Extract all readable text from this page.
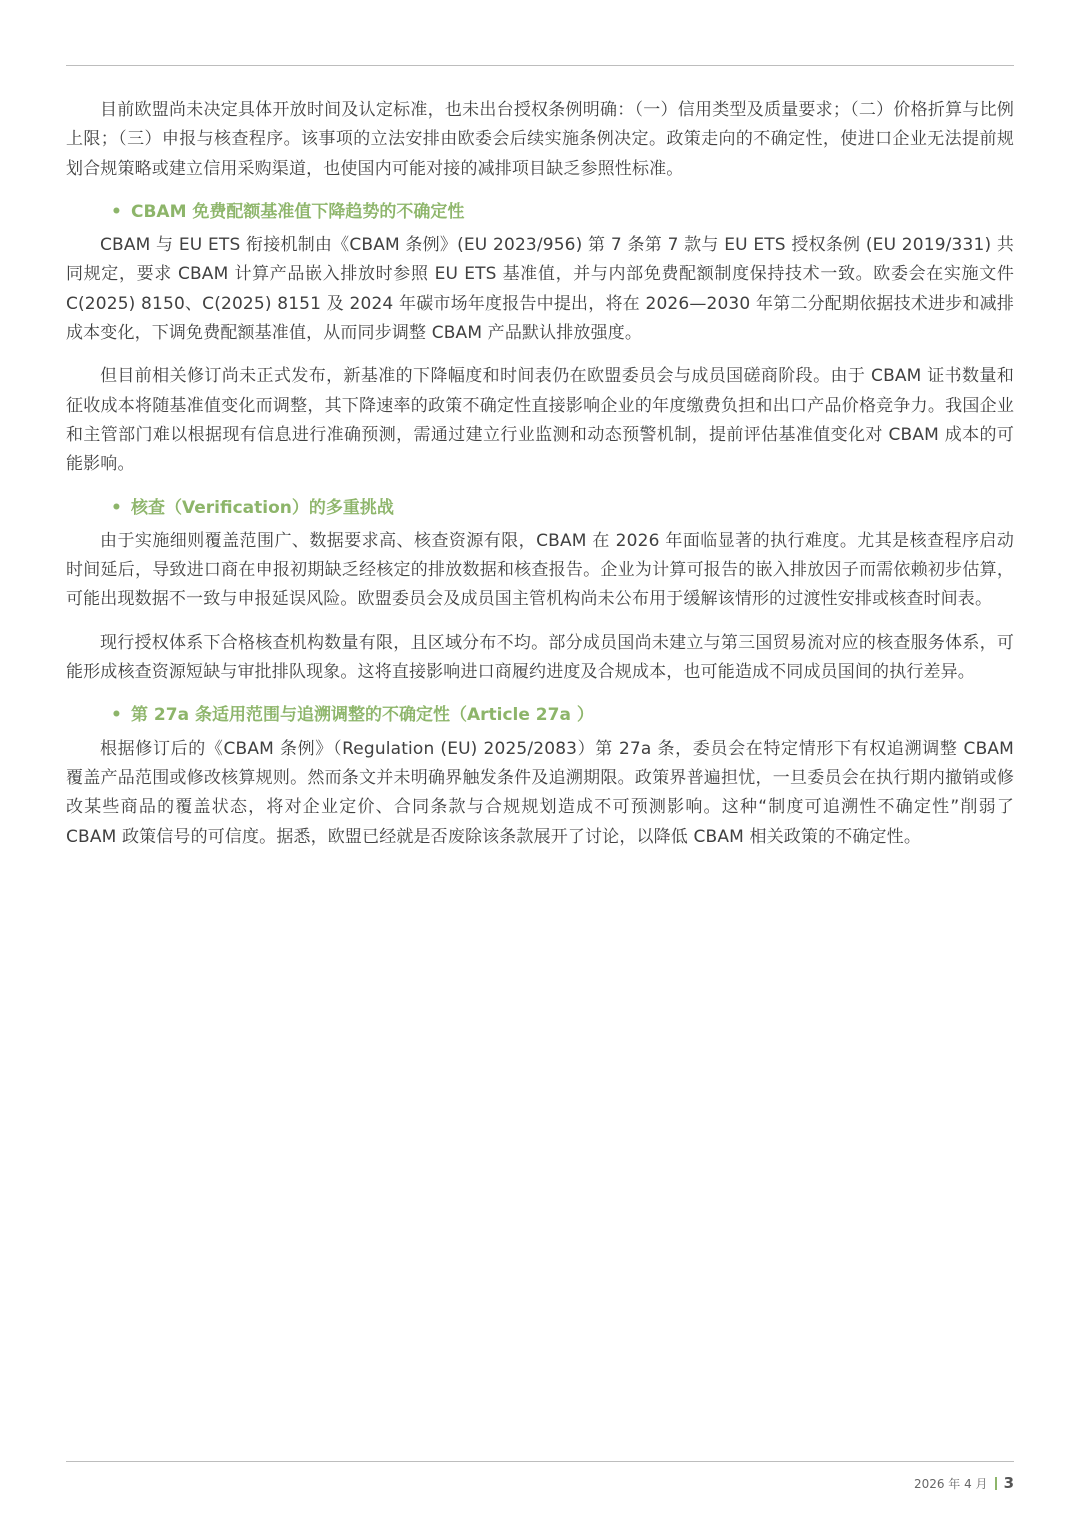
目前欧盟尚未决定具体开放时间及认定标准，也未出台授权条例明确：（一）信用类型及质量要求；（二）价格折算与比例上限；（三）申报与核查程序。该事项的立法安排由欧委会后续实施条例决定。政策走向的不确定性，使进口企业无法提前规划合规策略或建立信用采购渠道，也使国内可能对接的减排项目缺乏参照性标准。

• CBAM 免费配额基准值下降趋势的不确定性

CBAM 与 EU ETS 衔接机制由《CBAM 条例》(EU 2023/956) 第 7 条第 7 款与 EU ETS 授权条例 (EU 2019/331) 共同规定，要求 CBAM 计算产品嵌入排放时参照 EU ETS 基准值，并与内部免费配额制度保持技术一致。欧委会在实施文件 C(2025) 8150、C(2025) 8151 及 2024 年碳市场年度报告中提出，将在 2026—2030 年第二分配期依据技术进步和减排成本变化，下调免费配额基准值，从而同步调整 CBAM 产品默认排放强度。

但目前相关修订尚未正式发布，新基准的下降幅度和时间表仍在欧盟委员会与成员国磋商阶段。由于 CBAM 证书数量和征收成本将随基准值变化而调整，其下降速率的政策不确定性直接影响企业的年度缴费负担和出口产品价格竞争力。我国企业和主管部门难以根据现有信息进行准确预测，需通过建立行业监测和动态预警机制，提前评估基准值变化对 CBAM 成本的可能影响。

• 核查（Verification）的多重挑战

由于实施细则覆盖范围广、数据要求高、核查资源有限，CBAM 在 2026 年面临显著的执行难度。尤其是核查程序启动时间延后，导致进口商在申报初期缺乏经核定的排放数据和核查报告。企业为计算可报告的嵌入排放因子而需依赖初步估算，可能出现数据不一致与申报延误风险。欧盟委员会及成员国主管机构尚未公布用于缓解该情形的过渡性安排或核查时间表。

现行授权体系下合格核查机构数量有限，且区域分布不均。部分成员国尚未建立与第三国贸易流对应的核查服务体系，可能形成核查资源短缺与审批排队现象。这将直接影响进口商履约进度及合规成本，也可能造成不同成员国间的执行差异。

• 第 27a 条适用范围与追溯调整的不确定性（Article 27a ）

根据修订后的《CBAM 条例》（Regulation (EU) 2025/2083）第 27a 条，委员会在特定情形下有权追溯调整 CBAM 覆盖产品范围或修改核算规则。然而条文并未明确界触发条件及追溯期限。政策界普遍担忧，一旦委员会在执行期内撤销或修改某些商品的覆盖状态，将对企业定价、合同条款与合规规划造成不可预测影响。这种“制度可追溯性不确定性”削弱了 CBAM 政策信号的可信度。据悉，欧盟已经就是否废除该条款展开了讨论，以降低 CBAM 相关政策的不确定性。

2026 年 4 月 3
